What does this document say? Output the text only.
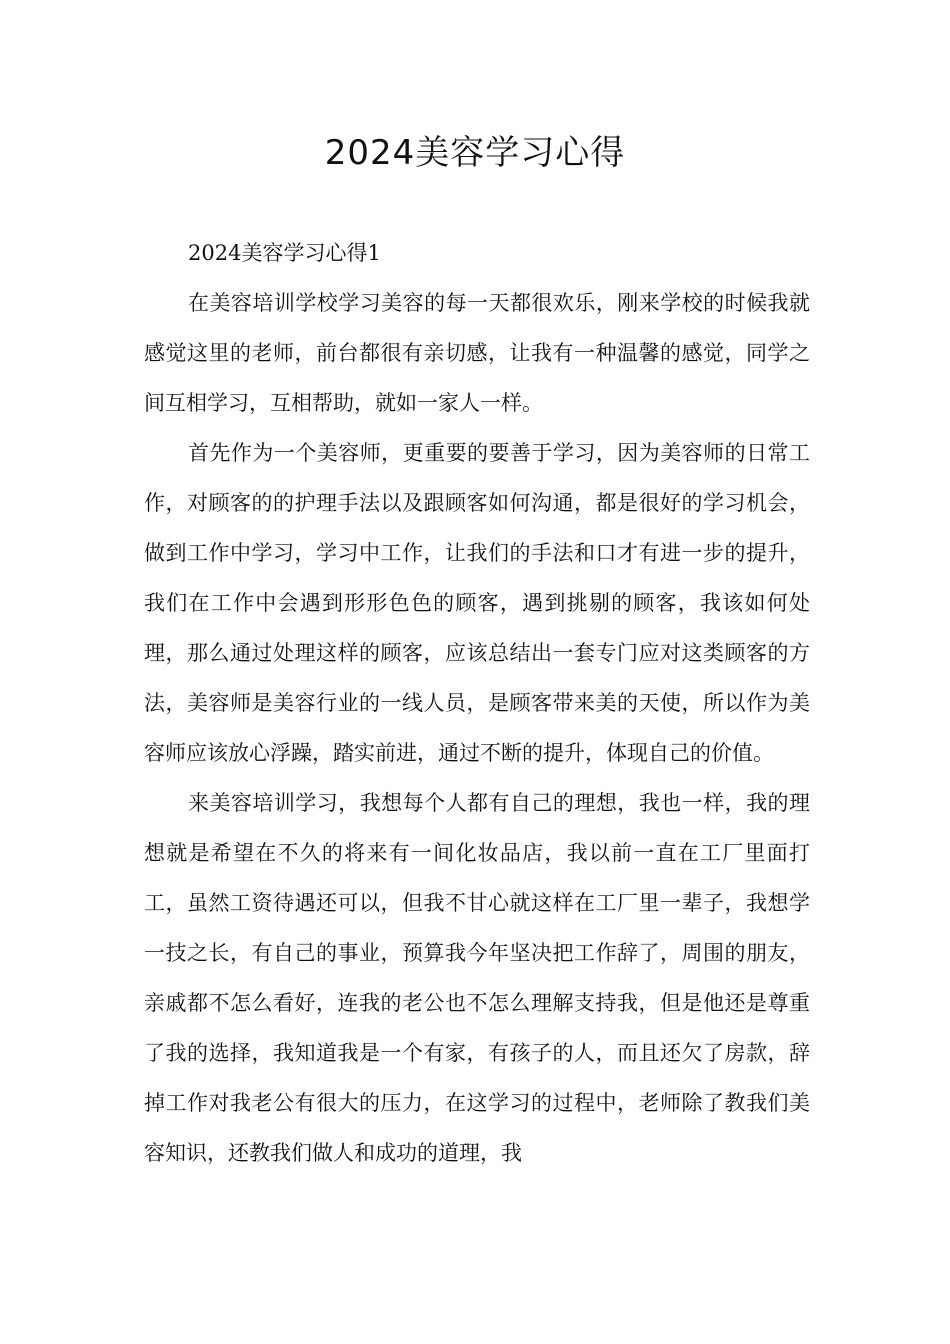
2024美容学习心得

2024美容学习心得1

在美容培训学校学习美容的每一天都很欢乐，刚来学校的时候我就感觉这里的老师，前台都很有亲切感，让我有一种温馨的感觉，同学之间互相学习，互相帮助，就如一家人一样。

首先作为一个美容师，更重要的要善于学习，因为美容师的日常工作，对顾客的的护理手法以及跟顾客如何沟通，都是很好的学习机会，做到工作中学习，学习中工作，让我们的手法和口才有进一步的提升，我们在工作中会遇到形形色色的顾客，遇到挑剔的顾客，我该如何处理，那么通过处理这样的顾客，应该总结出一套专门应对这类顾客的方法，美容师是美容行业的一线人员，是顾客带来美的天使，所以作为美容师应该放心浮躁，踏实前进，通过不断的提升，体现自己的价值。

来美容培训学习，我想每个人都有自己的理想，我也一样，我的理想就是希望在不久的将来有一间化妆品店，我以前一直在工厂里面打工，虽然工资待遇还可以，但我不甘心就这样在工厂里一辈子，我想学一技之长，有自己的事业，预算我今年坚决把工作辞了，周围的朋友，亲戚都不怎么看好，连我的老公也不怎么理解支持我，但是他还是尊重了我的选择，我知道我是一个有家，有孩子的人，而且还欠了房款，辞掉工作对我老公有很大的压力，在这学习的过程中，老师除了教我们美容知识，还教我们做人和成功的道理，我
